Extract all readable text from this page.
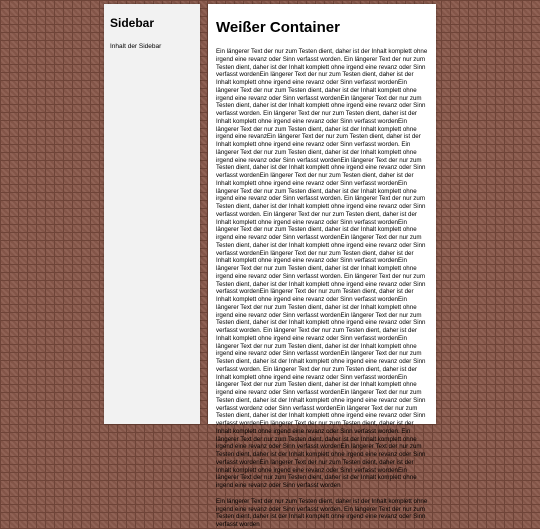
Sidebar

Inhalt der Sidebar

Weißer Container

Ein längerer Text der nur zum Testen dient, daher ist der Inhalt komplett ohne irgend eine revanz oder Sinn verfasst worden. Ein längerer Text der nur zum Testen dient, daher ist der Inhalt komplett ohne irgend eine revanz oder Sinn verfasst wordenEin längerer Text der nur zum Testen dient, daher ist der Inhalt komplett ohne irgend eine revanz oder Sinn verfasst wordenEin längerer Text der nur zum Testen dient, daher ist der Inhalt komplett ohne irgend eine revanz oder Sinn verfasst wordenEin längerer Text der nur zum Testen dient, daher ist der Inhalt komplett ohne irgend eine revanz oder Sinn verfasst worden. Ein längerer Text der nur zum Testen dient, daher ist der Inhalt komplett ohne irgend eine revanz oder Sinn verfasst wordenEin längerer Text der nur zum Testen dient, daher ist der Inhalt komplett ohne irgend eine revanzEin längerer Text der nur zum Testen dient, daher ist der Inhalt komplett ohne irgend eine revanz oder Sinn verfasst worden. Ein längerer Text der nur zum Testen dient, daher ist der Inhalt komplett ohne irgend eine revanz oder Sinn verfasst wordenEin längerer Text der nur zum Testen dient, daher ist der Inhalt komplett ohne irgend eine revanz oder Sinn verfasst wordenEin längerer Text der nur zum Testen dient, daher ist der Inhalt komplett ohne irgend eine revanz oder Sinn verfasst wordenEin längerer Text der nur zum Testen dient, daher ist der Inhalt komplett ohne irgend eine revanz oder Sinn verfasst worden. Ein längerer Text der nur zum Testen dient, daher ist der Inhalt komplett ohne irgend eine revanz oder Sinn verfasst worden. Ein längerer Text der nur zum Testen dient, daher ist der Inhalt komplett ohne irgend eine revanz oder Sinn verfasst wordenEin längerer Text der nur zum Testen dient, daher ist der Inhalt komplett ohne irgend eine revanz oder Sinn verfasst wordenEin längerer Text der nur zum Testen dient, daher ist der Inhalt komplett ohne irgend eine revanz oder Sinn verfasst wordenEin längerer Text der nur zum Testen dient, daher ist der Inhalt komplett ohne irgend eine revanz oder Sinn verfasst wordenEin längerer Text der nur zum Testen dient, daher ist der Inhalt komplett ohne irgend eine revanz oder Sinn verfasst worden. Ein längerer Text der nur zum Testen dient, daher ist der Inhalt komplett ohne irgend eine revanz oder Sinn verfasst wordenEin längerer Text der nur zum Testen dient, daher ist der Inhalt komplett ohne irgend eine revanz oder Sinn verfasst wordenEin längerer Text der nur zum Testen dient, daher ist der Inhalt komplett ohne irgend eine revanz oder Sinn verfasst wordenEin längerer Text der nur zum Testen dient, daher ist der Inhalt komplett ohne irgend eine revanz oder Sinn verfasst worden. Ein längerer Text der nur zum Testen dient, daher ist der Inhalt komplett ohne irgend eine revanz oder Sinn verfasst wordenEin längerer Text der nur zum Testen dient, daher ist der Inhalt komplett ohne irgend eine revanz oder Sinn verfasst wordenEin längerer Text der nur zum Testen dient, daher ist der Inhalt komplett ohne irgend eine revanz oder Sinn verfasst worden. Ein längerer Text der nur zum Testen dient, daher ist der Inhalt komplett ohne irgend eine revanz oder Sinn verfasst wordenEin längerer Text der nur zum Testen dient, daher ist der Inhalt komplett ohne irgend eine revanz oder Sinn verfasst wordenEin längerer Text der nur zum Testen dient, daher ist der Inhalt komplett ohne irgend eine revanz oder Sinn verfasst wordenz oder Sinn verfasst wordenEin längerer Text der nur zum Testen dient, daher ist der Inhalt komplett ohne irgend eine revanz oder Sinn verfasst wordenEin längerer Text der nur zum Testen dient, daher ist der Inhalt komplett ohne irgend eine revanz oder Sinn verfasst worden. Ein längerer Text der nur zum Testen dient, daher ist der Inhalt komplett ohne irgend eine revanz oder Sinn verfasst wordenEin längerer Text der nur zum Testen dient, daher ist der Inhalt komplett ohne irgend eine revanz oder Sinn verfasst wordenEin längerer Text der nur zum Testen dient, daher ist der Inhalt komplett ohne irgend eine revanz oder Sinn verfasst wordenEin längerer Text der nur zum Testen dient, daher ist der Inhalt komplett ohne irgend eine revanz oder Sinn verfasst worden

Ein längerer Text der nur zum Testen dient, daher ist der Inhalt komplett ohne irgend eine revanz oder Sinn verfasst worden. Ein längerer Text der nur zum Testen dient, daher ist der Inhalt komplett ohne irgend eine revanz oder Sinn verfasst worden
